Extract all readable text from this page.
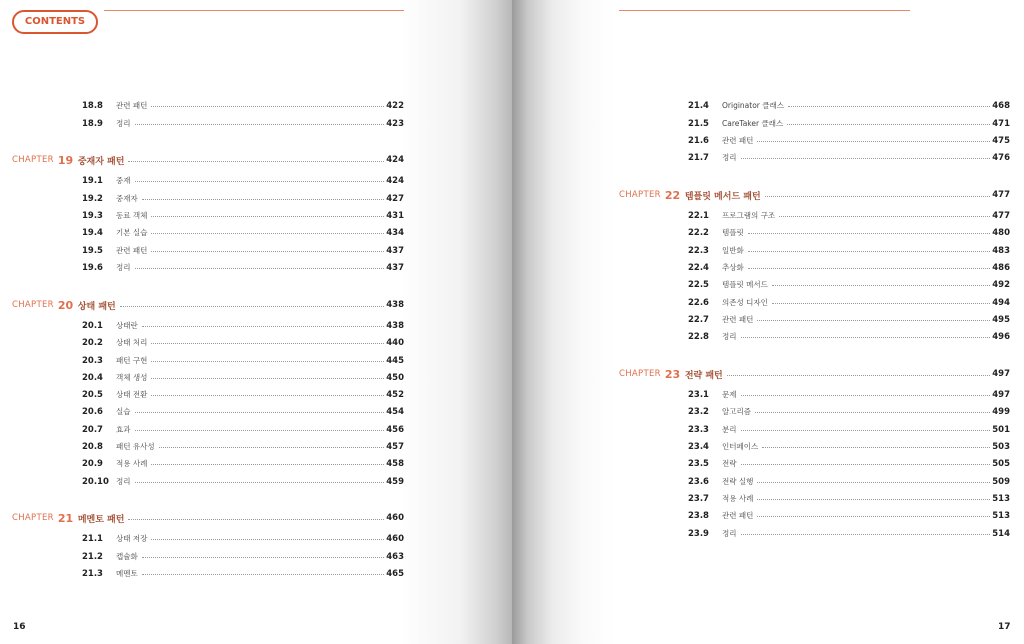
CONTENTS
18.8	관련 패턴	422
18.9	정리	423
CHAPTER 19 중재자 패턴	424
19.1	중재	424
19.2	중재자	427
19.3	동료 객체	431
19.4	기본 실습	434
19.5	관련 패턴	437
19.6	정리	437
CHAPTER 20 상태 패턴	438
20.1	상태란	438
20.2	상태 처리	440
20.3	패턴 구현	445
20.4	객체 생성	450
20.5	상태 전환	452
20.6	실습	454
20.7	효과	456
20.8	패턴 유사성	457
20.9	적용 사례	458
20.10 정리	459
CHAPTER 21 메멘토 패턴	460
21.1	상태 저장	460
21.2	캡슐화	463
21.3	메멘토	465
16
21.4	Originator 클래스	468
21.5	CareTaker 클래스	471
21.6	관련 패턴	475
21.7	정리	476
CHAPTER 22 템플릿 메서드 패턴	477
22.1	프로그램의 구조	477
22.2	템플릿	480
22.3	일반화	483
22.4	추상화	486
22.5	템플릿 메서드	492
22.6	의존성 디자인	494
22.7	관련 패턴	495
22.8	정리	496
CHAPTER 23 전략 패턴	497
23.1	문제	497
23.2	알고리즘	499
23.3	분리	501
23.4	인터페이스	503
23.5	전략	505
23.6	전략 실행	509
23.7	적용 사례	513
23.8	관련 패턴	513
23.9	정리	514
17
